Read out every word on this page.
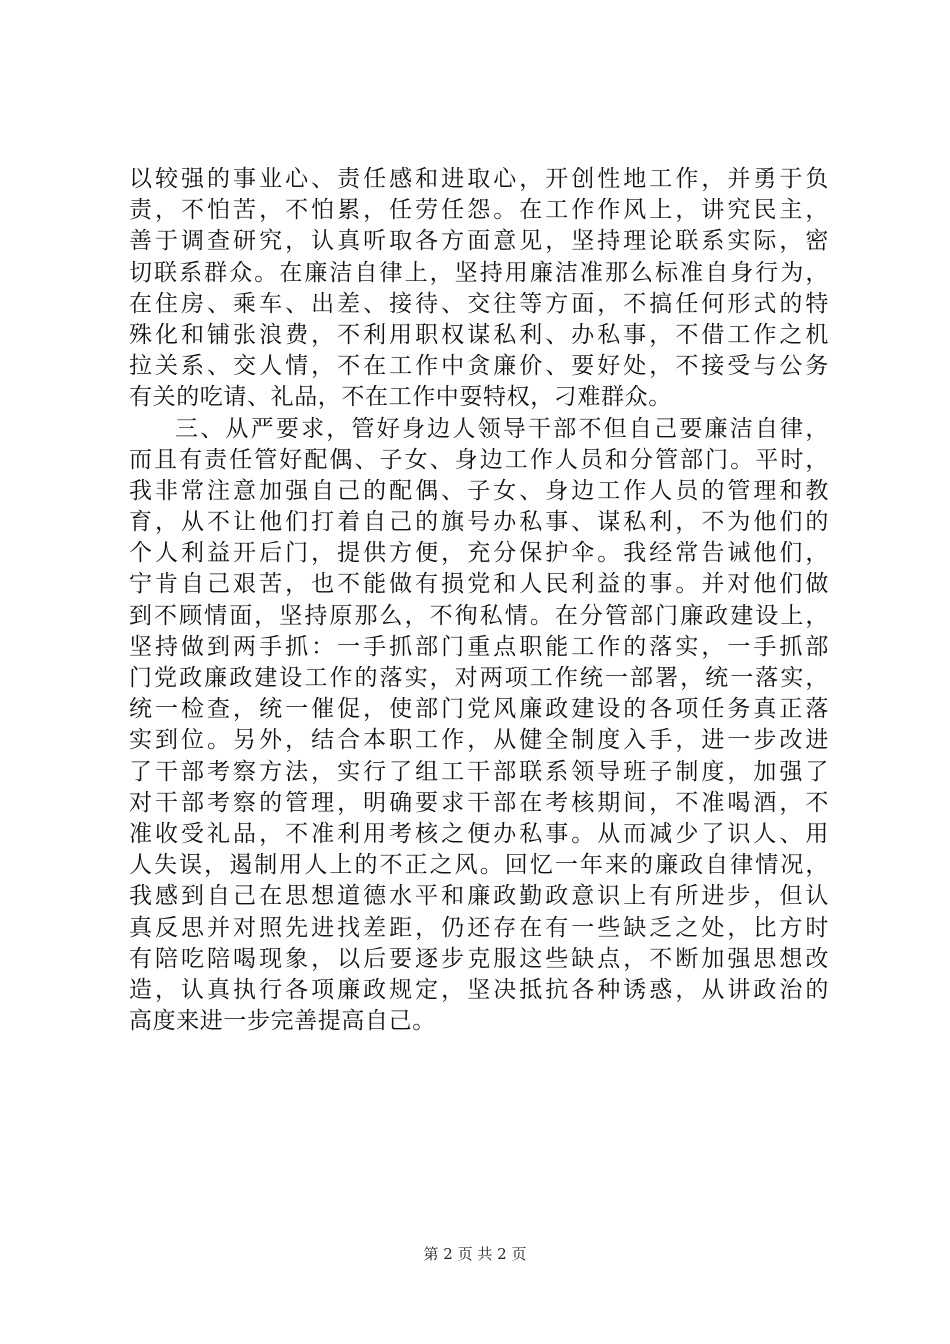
以较强的事业心、责任感和进取心，开创性地工作，并勇于负
责，不怕苦，不怕累，任劳任怨。在工作作风上，讲究民主，
善于调查研究，认真听取各方面意见，坚持理论联系实际，密
切联系群众。在廉洁自律上，坚持用廉洁准那么标准自身行为，
在住房、乘车、出差、接待、交往等方面，不搞任何形式的特
殊化和铺张浪费，不利用职权谋私利、办私事，不借工作之机
拉关系、交人情，不在工作中贪廉价、要好处，不接受与公务
有关的吃请、礼品，不在工作中耍特权，刁难群众。
三、从严要求，管好身边人领导干部不但自己要廉洁自律，
而且有责任管好配偶、子女、身边工作人员和分管部门。平时，
我非常注意加强自己的配偶、子女、身边工作人员的管理和教
育，从不让他们打着自己的旗号办私事、谋私利，不为他们的
个人利益开后门，提供方便，充分保护伞。我经常告诫他们，
宁肯自己艰苦，也不能做有损党和人民利益的事。并对他们做
到不顾情面，坚持原那么，不徇私情。在分管部门廉政建设上，
坚持做到两手抓：一手抓部门重点职能工作的落实，一手抓部
门党政廉政建设工作的落实，对两项工作统一部署，统一落实，
统一检查，统一催促，使部门党风廉政建设的各项任务真正落
实到位。另外，结合本职工作，从健全制度入手，进一步改进
了干部考察方法，实行了组工干部联系领导班子制度，加强了
对干部考察的管理，明确要求干部在考核期间，不准喝酒，不
准收受礼品，不准利用考核之便办私事。从而减少了识人、用
人失误，遏制用人上的不正之风。回忆一年来的廉政自律情况，
我感到自己在思想道德水平和廉政勤政意识上有所进步，但认
真反思并对照先进找差距，仍还存在有一些缺乏之处，比方时
有陪吃陪喝现象，以后要逐步克服这些缺点，不断加强思想改
造，认真执行各项廉政规定，坚决抵抗各种诱惑，从讲政治的
高度来进一步完善提高自己。
第 2 页 共 2 页
